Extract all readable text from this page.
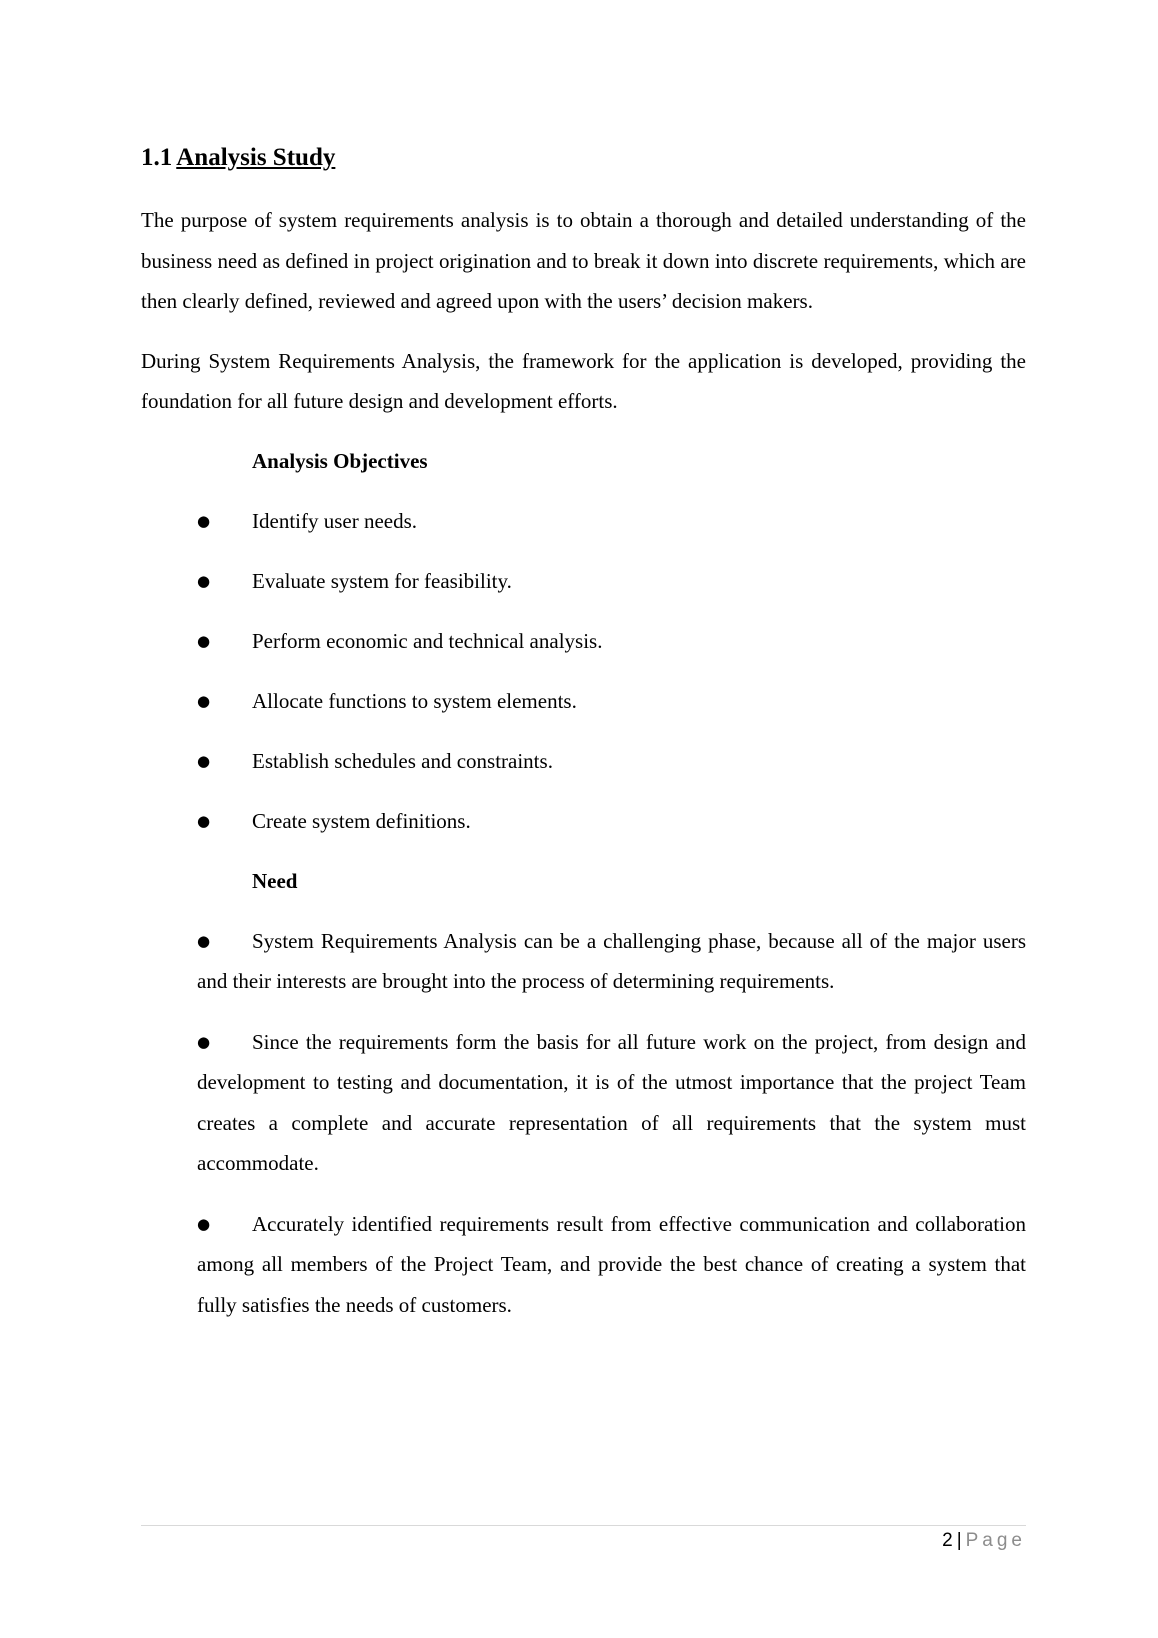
1.1 Analysis Study

The purpose of system requirements analysis is to obtain a thorough and detailed understanding of the business need as defined in project origination and to break it down into discrete requirements, which are then clearly defined, reviewed and agreed upon with the users’ decision makers.

During System Requirements Analysis, the framework for the application is developed, providing the foundation for all future design and development efforts.

Analysis Objectives
● Identify user needs.
● Evaluate system for feasibility.
● Perform economic and technical analysis.
● Allocate functions to system elements.
● Establish schedules and constraints.
● Create system definitions.
Need
● System Requirements Analysis can be a challenging phase, because all of the major users and their interests are brought into the process of determining requirements.
● Since the requirements form the basis for all future work on the project, from design and development to testing and documentation, it is of the utmost importance that the project Team creates a complete and accurate representation of all requirements that the system must accommodate.
● Accurately identified requirements result from effective communication and collaboration among all members of the Project Team, and provide the best chance of creating a system that fully satisfies the needs of customers.
2 | Page
